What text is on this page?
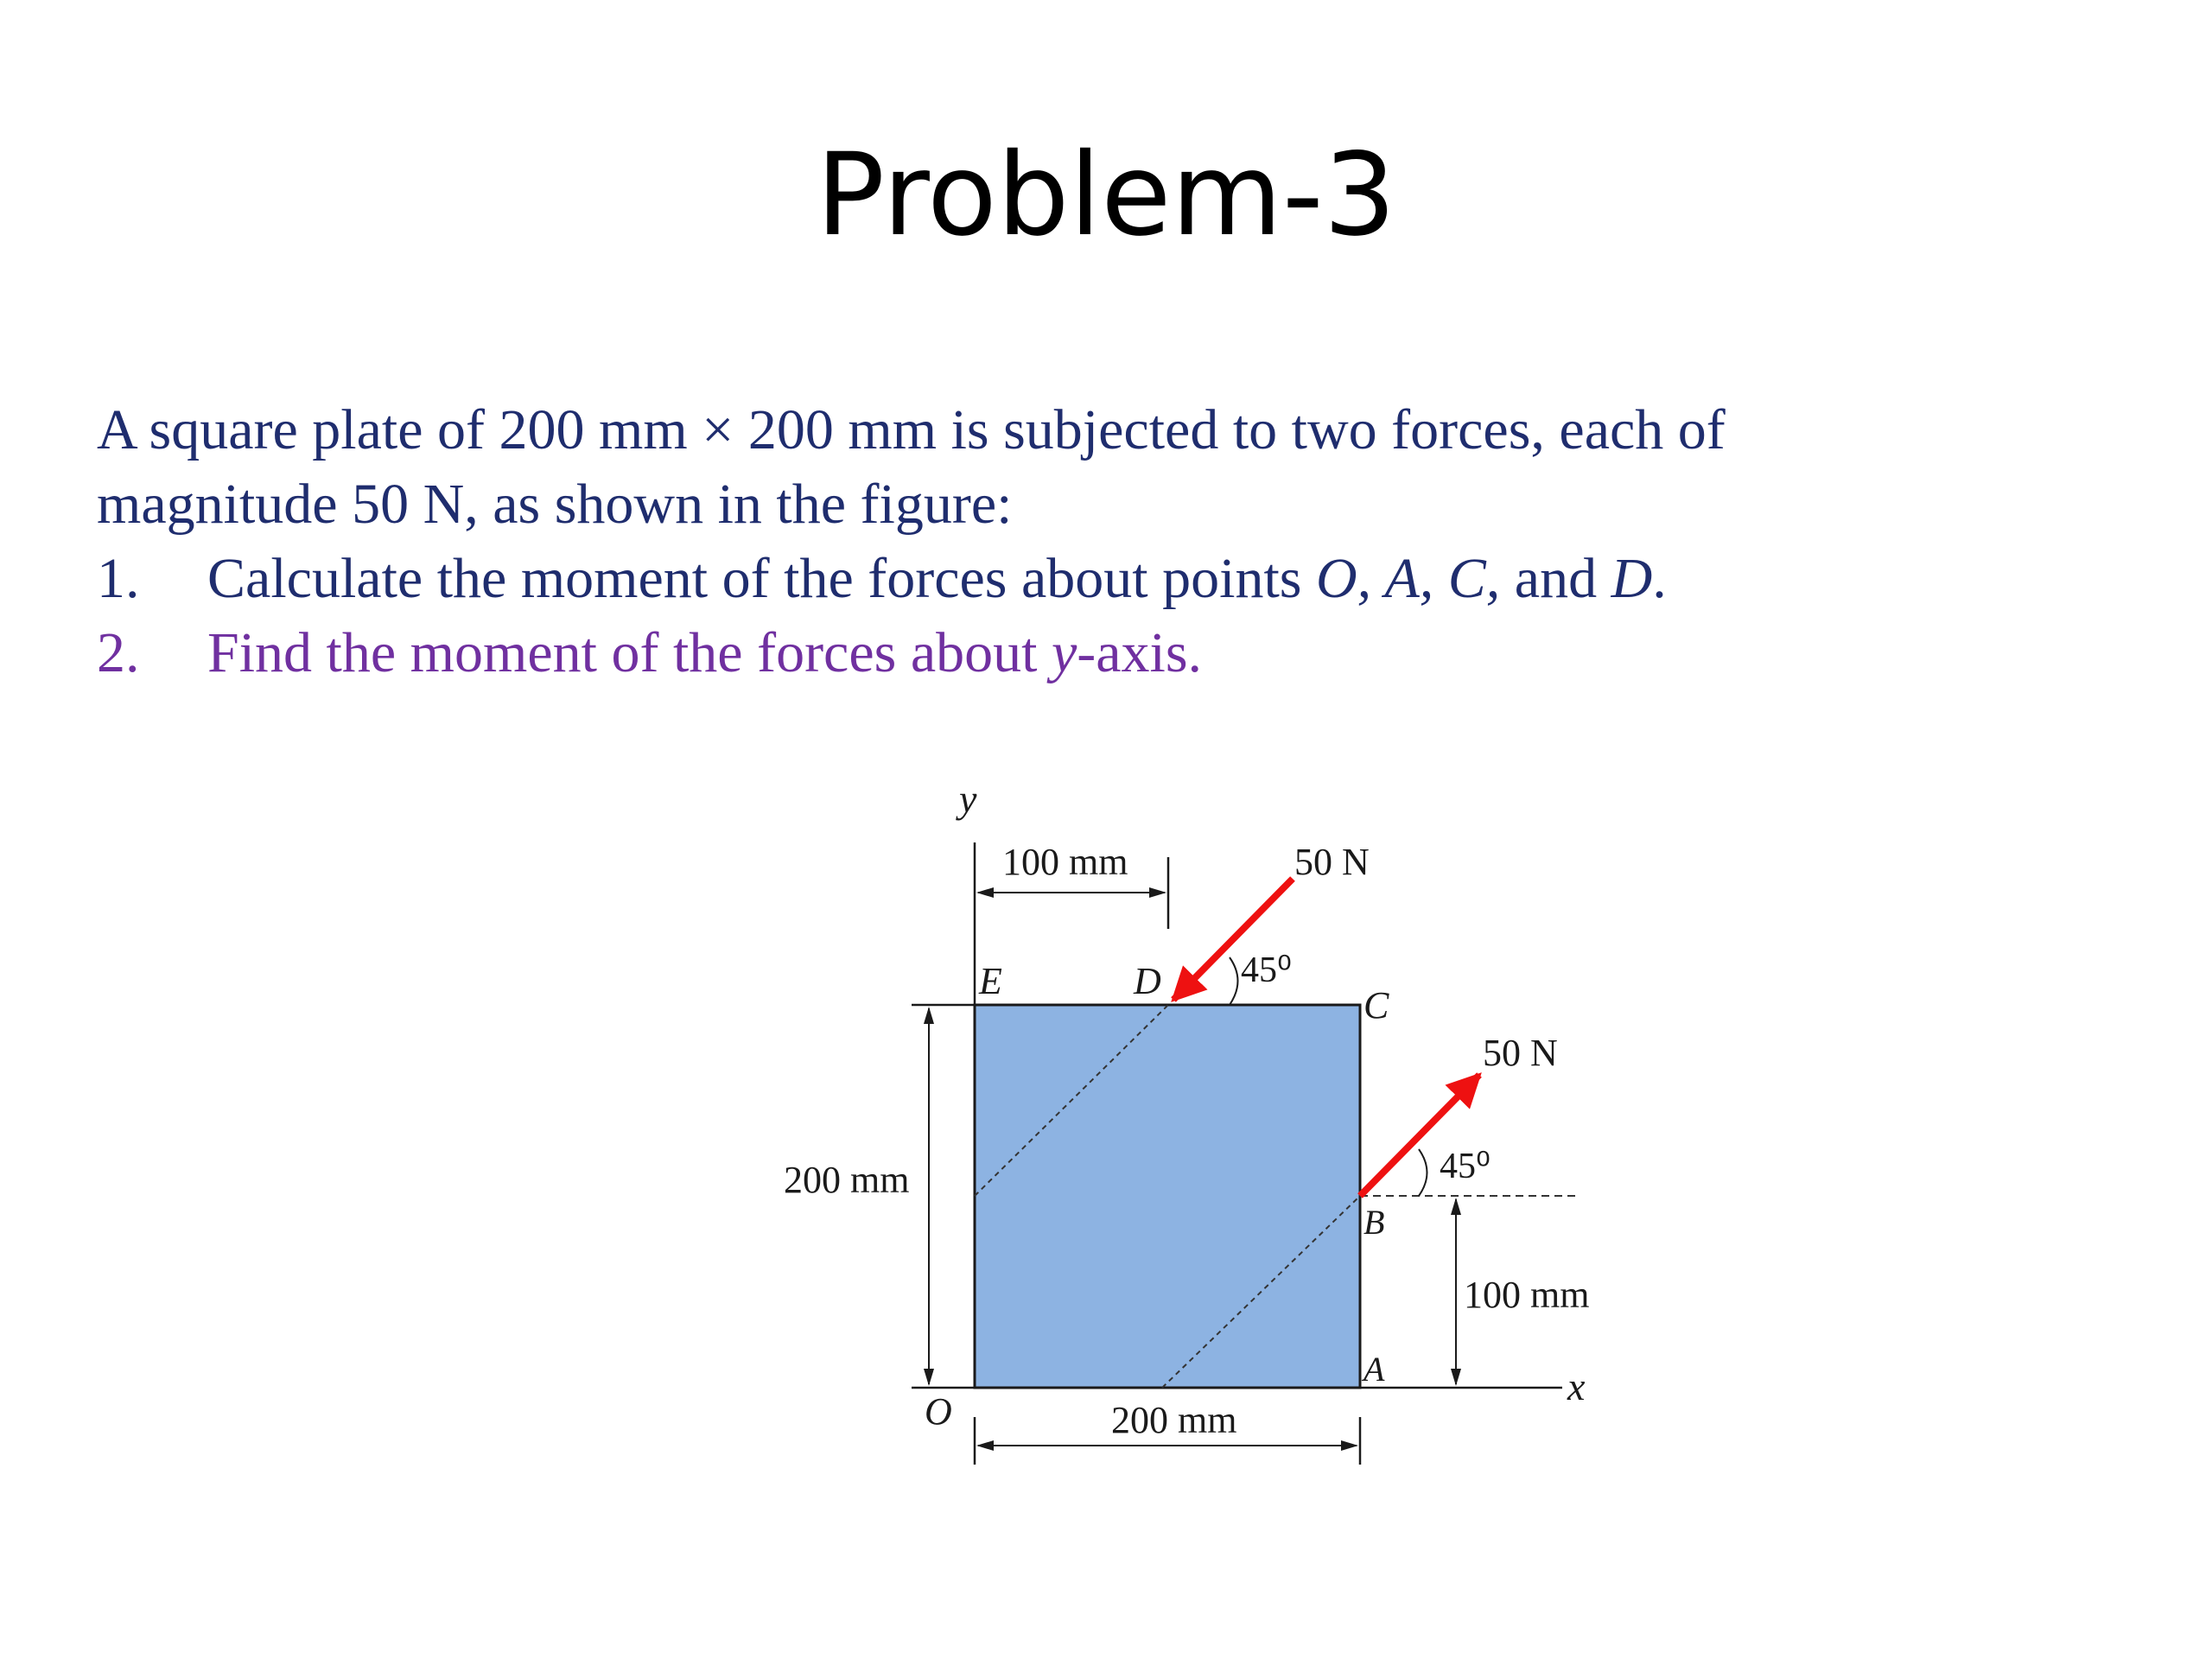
Problem-3
A square plate of 200 mm × 200 mm is subjected to two forces, each of
magnitude 50 N, as shown in the figure:
1. Calculate the moment of the forces about points O, A, C, and D.
2. Find the moment of the forces about y-axis.
y
x
O
E	D
C
B
A
100 mm
200 mm
200 mm
100 mm
50 N
50 N
45⁰
45⁰
